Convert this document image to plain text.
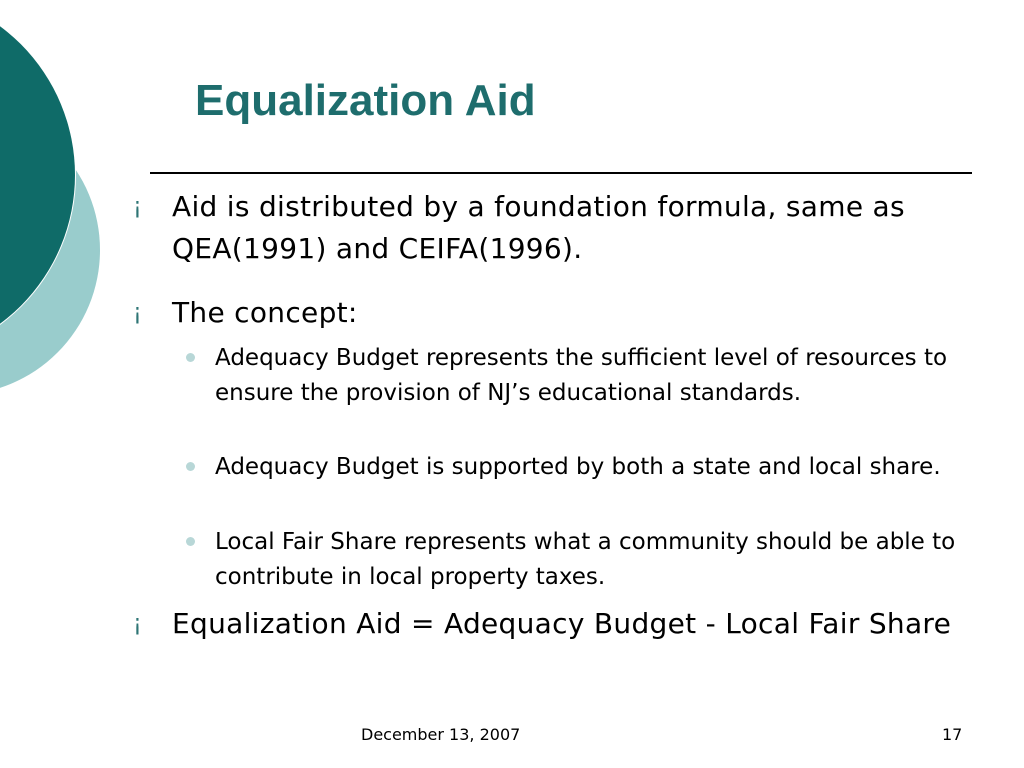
Equalization Aid
¡ Aid is distributed by a foundation formula, same as QEA(1991) and CEIFA(1996).
¡ The concept:
Adequacy Budget represents the sufficient level of resources to ensure the provision of NJ’s educational standards.
Adequacy Budget is supported by both a state and local share.
Local Fair Share represents what a community should be able to contribute in local property taxes.
¡ Equalization Aid = Adequacy Budget - Local Fair Share
December 13, 2007	17
